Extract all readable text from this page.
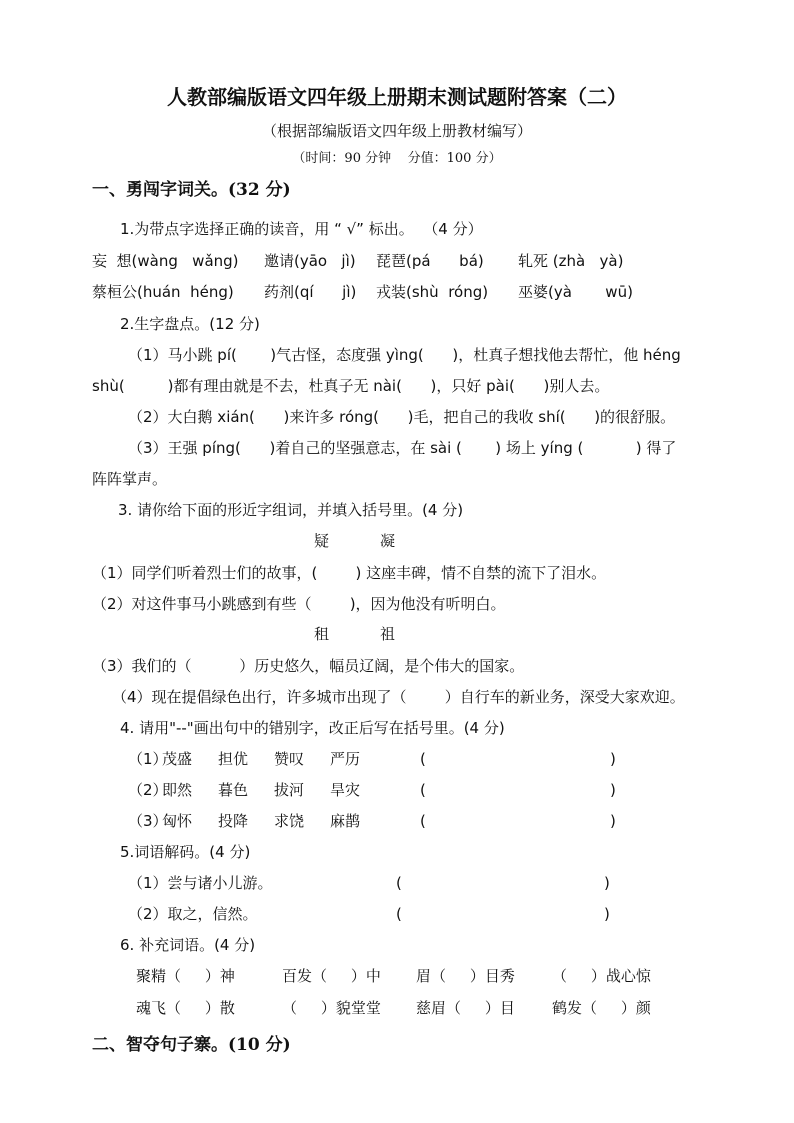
人教部编版语文四年级上册期末测试题附答案（二）
（根据部编版语文四年级上册教材编写）
（时间：90 分钟    分值：100 分）
一、勇闯字词关。(32 分)
1.为带点字选择正确的读音，用 “ √” 标出。  （4 分）
妄  想(wàng   wǎng) 邀请(yāo   jì) 琵琶(pá      bá) 轧死 (zhà   yà)
蔡桓公(huán  héng) 药剂(qí      jì) 戎装(shù  róng) 巫婆(yà       wū)
2.生字盘点。(12 分)
（1）马小跳 pí(       )气古怪，态度强 yìng(      )，杜真子想找他去帮忙，他 héng
shù(         )都有理由就是不去，杜真子无 nài(      )，只好 pài(      )别人去。
（2）大白鹅 xián(      )来许多 róng(      )毛，把自己的我收 shí(      )的很舒服。
（3）王强 píng(      )着自己的坚强意志，在 sài (       ) 场上 yíng (           ) 得了
阵阵掌声。
3. 请你给下面的形近字组词，并填入括号里。(4 分)
疑	凝
（1）同学们听着烈士们的故事，(        ) 这座丰碑，情不自禁的流下了泪水。
（2）对这件事马小跳感到有些（        )，因为他没有听明白。
租	祖
（3）我们的（          ）历史悠久，幅员辽阔，是个伟大的国家。
（4）现在提倡绿色出行，许多城市出现了（        ）自行车的新业务，深受大家欢迎。
4. 请用"--"画出句中的错别字，改正后写在括号里。(4 分)
（1）
茂盛 担优 赞叹 严历	(	)
（2）
即然 暮色 拔河 旱灾	(	)
（3）
匈怀 投降 求饶 麻鹊	(	)
5.词语解码。(4 分)
（1）尝与诸小儿游。	(	)
（2）取之，信然。	(	)
6. 补充词语。(4 分)
聚精（     ）神	百发（     ）中 眉（     ）目秀 （     ）战心惊
魂飞（     ）散	（     ）貌堂堂 慈眉（     ）目 鹤发（     ）颜
二、智夺句子寨。(10 分)
